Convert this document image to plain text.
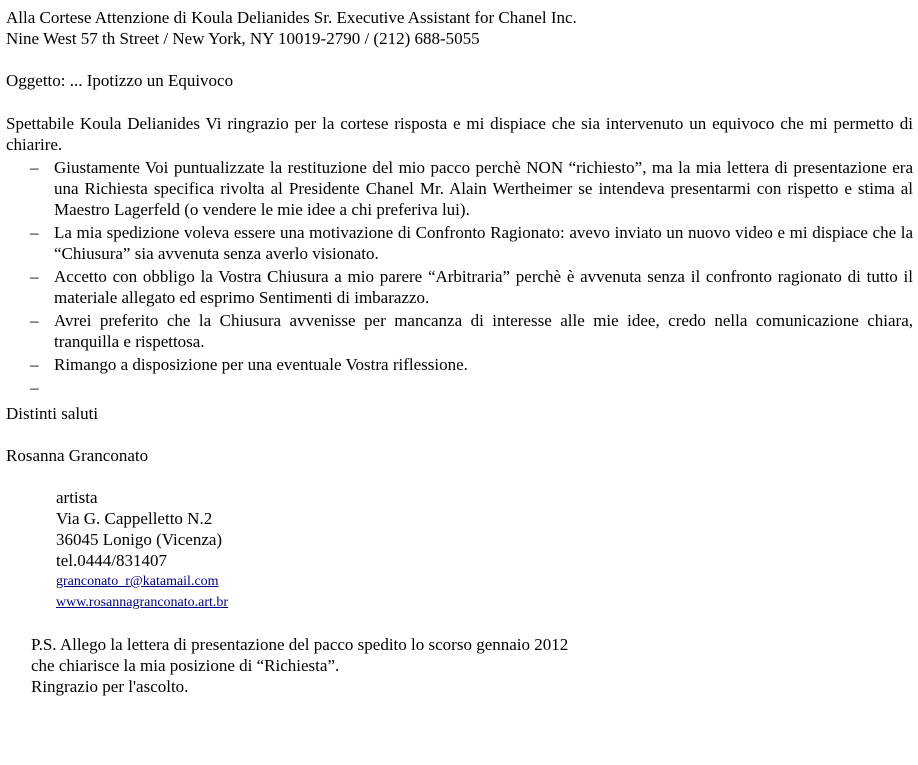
Alla Cortese Attenzione di Koula Delianides Sr. Executive Assistant for Chanel Inc.
Nine West 57 th Street / New York, NY 10019-2790 / (212) 688-5055
Oggetto: ... Ipotizzo un Equivoco
Spettabile Koula Delianides Vi ringrazio per la cortese risposta e mi dispiace che sia intervenuto un equivoco che mi permetto di chiarire.
– Giustamente Voi puntualizzate la restituzione del mio pacco perchè NON “richiesto”, ma la mia lettera di presentazione era una Richiesta specifica rivolta al Presidente Chanel Mr. Alain Wertheimer se intendeva presentarmi con rispetto e stima al Maestro Lagerfeld (o vendere le mie idee a chi preferiva lui).
– La mia spedizione voleva essere una motivazione di Confronto Ragionato: avevo inviato un nuovo video e mi dispiace che la “Chiusura” sia avvenuta senza averlo visionato.
– Accetto con obbligo la Vostra Chiusura a mio parere “Arbitraria” perchè è avvenuta senza il confronto ragionato di tutto il materiale allegato ed esprimo Sentimenti di imbarazzo.
– Avrei preferito che la Chiusura avvenisse per mancanza di interesse alle mie idee, credo nella comunicazione chiara, tranquilla e rispettosa.
– Rimango a disposizione per una eventuale Vostra riflessione.
–

Distinti saluti
Rosanna Granconato
artista
Via G. Cappelletto N.2
36045 Lonigo (Vicenza)
tel.0444/831407
granconato_r@katamail.com
www.rosannagranconato.art.br
P.S. Allego la lettera di presentazione del pacco spedito lo scorso gennaio 2012
che chiarisce la mia posizione di “Richiesta”.
Ringrazio per l'ascolto.
